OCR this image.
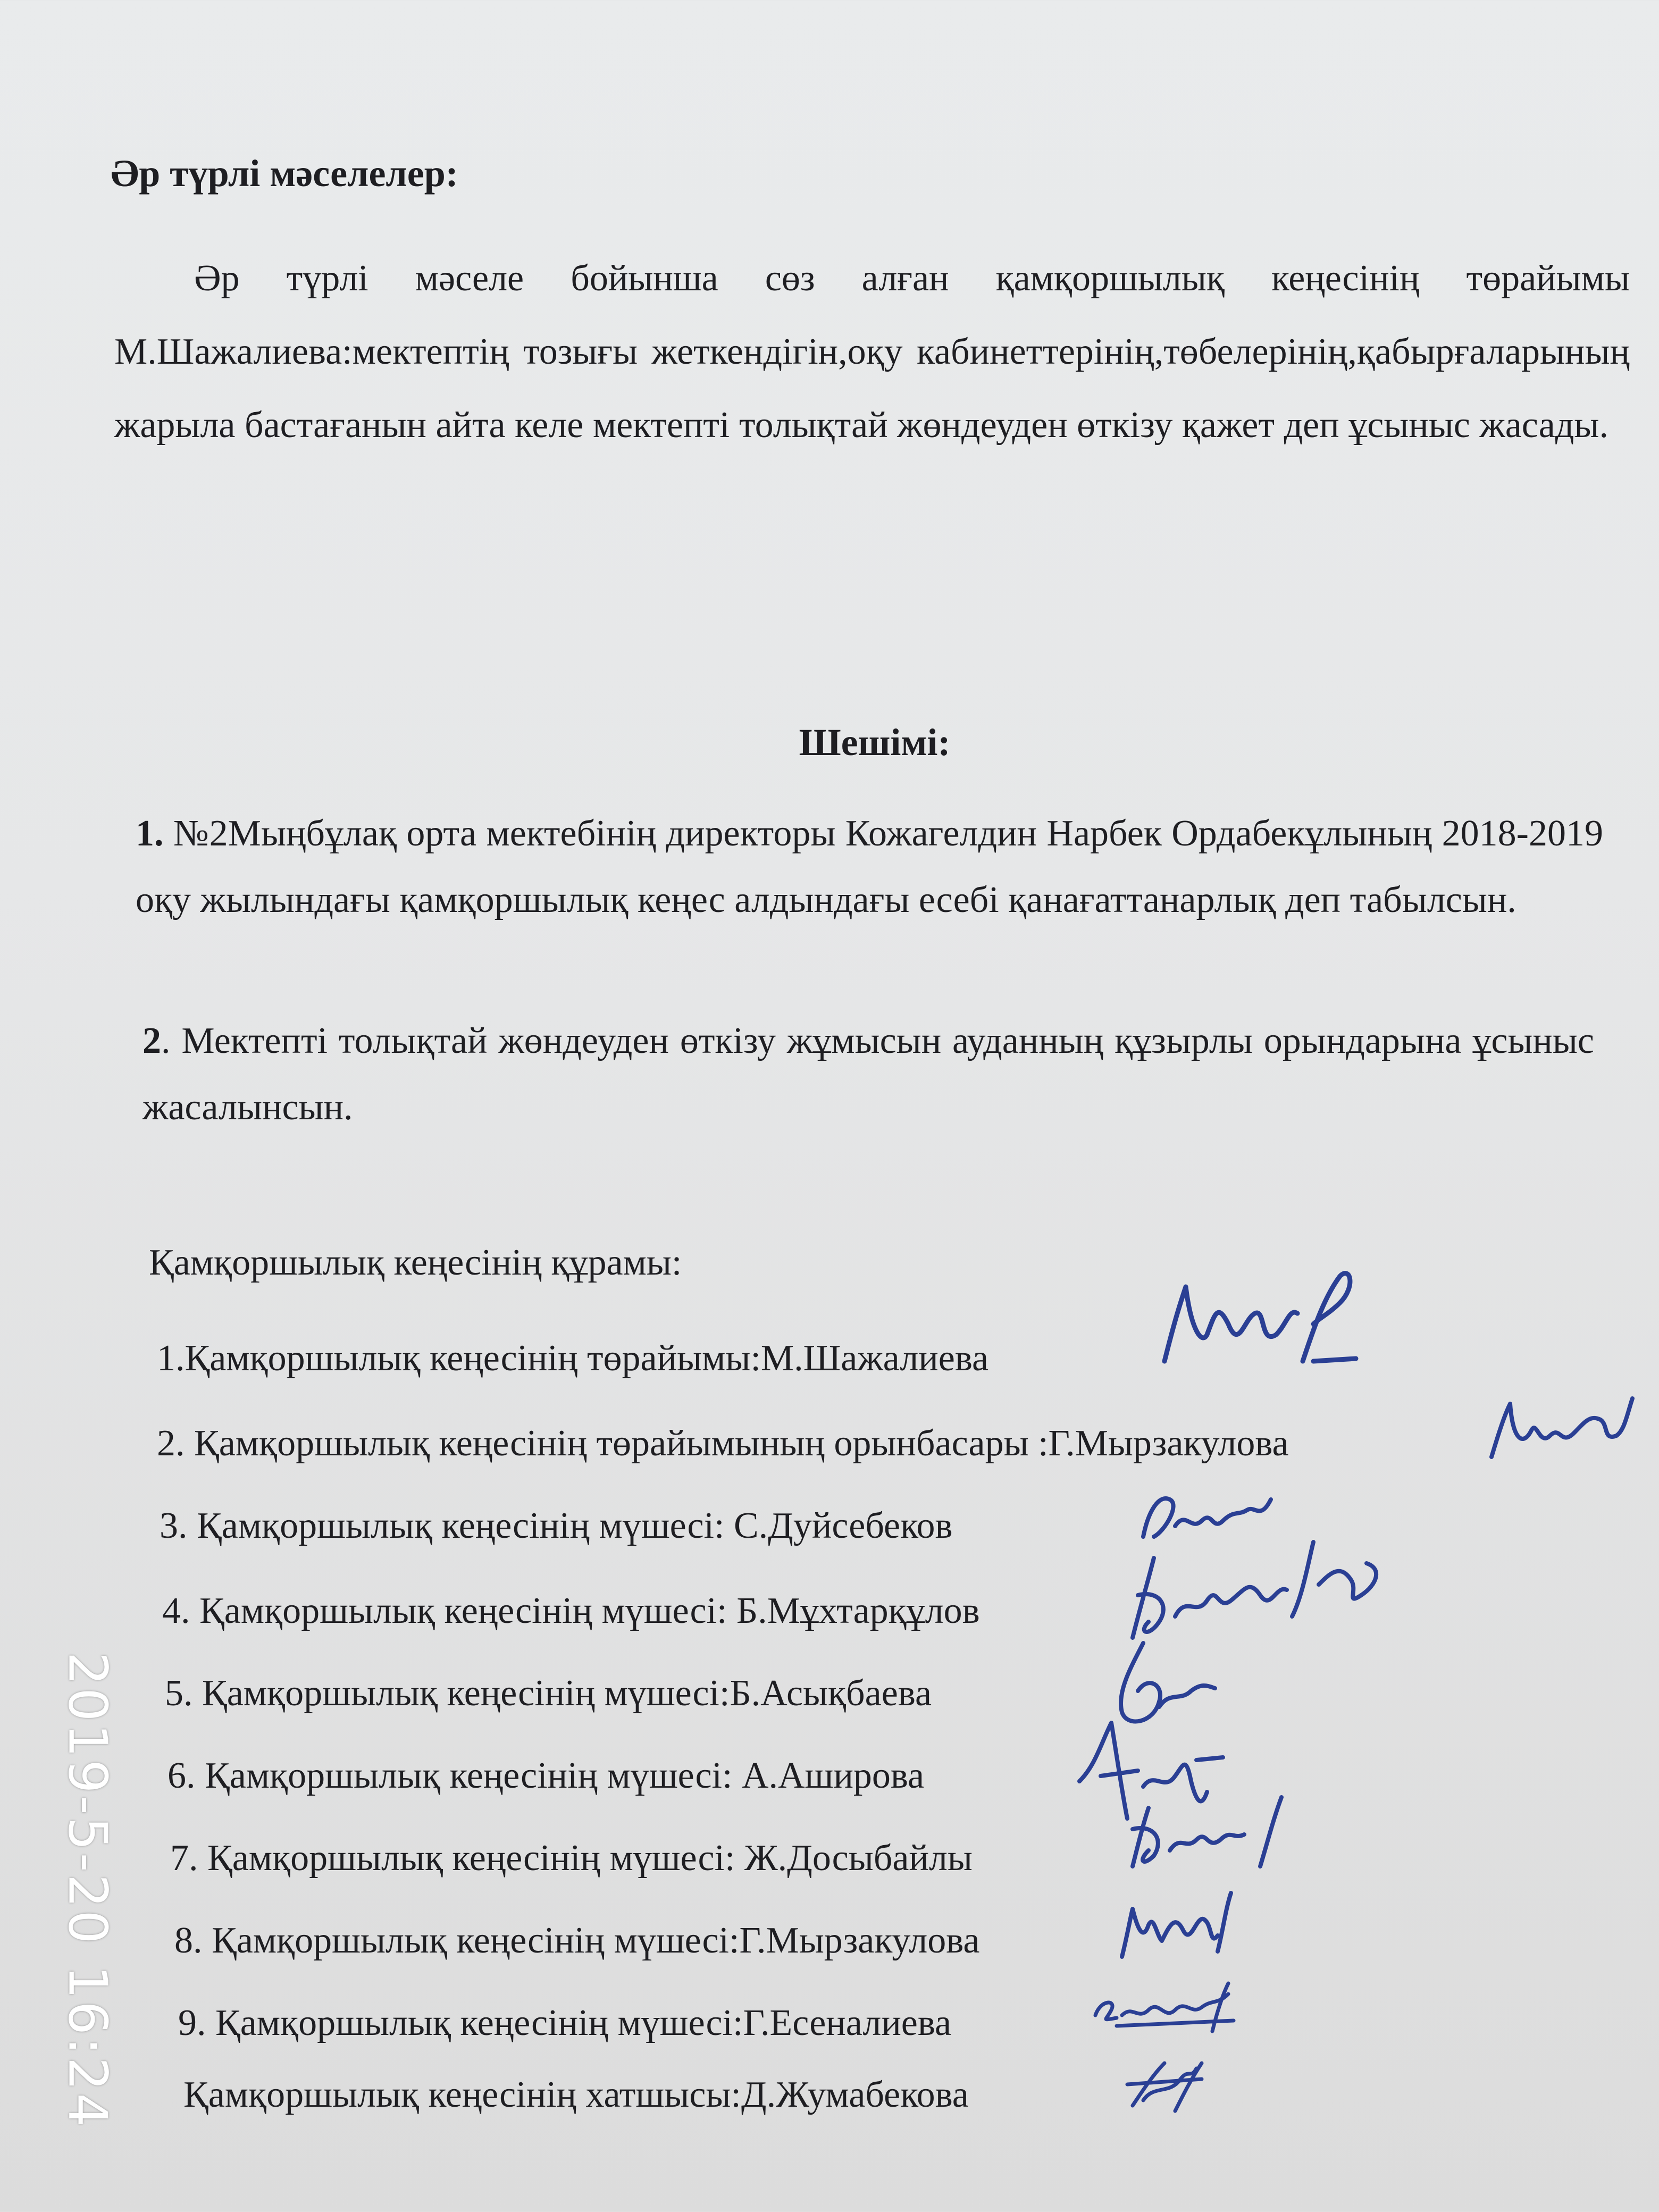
Әр түрлі мәселелер:
Әр түрлі мәселе бойынша сөз алған қамқоршылық кеңесінің төрайымы М.Шажалиева:мектептің тозығы жеткендігін,оқу кабинеттерінің,төбелерінің,қабырғаларының жарыла бастағанын айта келе мектепті толықтай жөндеуден өткізу қажет деп ұсыныс жасады.
Шешімі:
1. №2Мыңбұлақ орта мектебінің директоры Кожагелдин Нарбек Ордабекұлының 2018-2019 оқу жылындағы қамқоршылық кеңес алдындағы есебі қанағаттанарлық деп табылсын.
2. Мектепті толықтай жөндеуден өткізу жұмысын ауданның құзырлы орындарына ұсыныс жасалынсын.
Қамқоршылық кеңесінің құрамы:
1.Қамқоршылық кеңесінің төрайымы:М.Шажалиева
2. Қамқоршылық кеңесінің төрайымының орынбасары :Г.Мырзакулова
3. Қамқоршылық кеңесінің мүшесі: С.Дуйсебеков
4. Қамқоршылық кеңесінің мүшесі: Б.Мұхтарқұлов
5. Қамқоршылық кеңесінің мүшесі:Б.Асықбаева
6. Қамқоршылық кеңесінің мүшесі: А.Аширова
7. Қамқоршылық кеңесінің мүшесі: Ж.Досыбайлы
8. Қамқоршылық кеңесінің мүшесі:Г.Мырзакулова
9. Қамқоршылық кеңесінің мүшесі:Г.Есеналиева
Қамқоршылық кеңесінің хатшысы:Д.Жумабекова
2019-5-20 16:24
